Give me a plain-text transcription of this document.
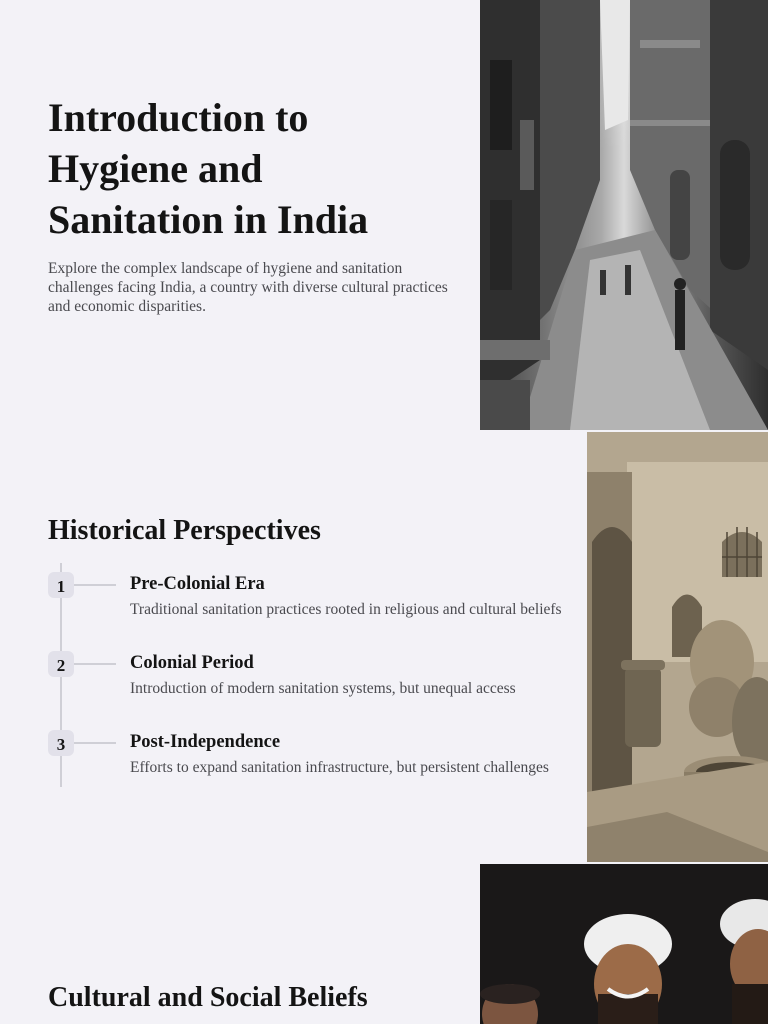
Introduction to Hygiene and Sanitation in India

Explore the complex landscape of hygiene and sanitation challenges facing India, a country with diverse cultural practices and economic disparities.

Historical Perspectives
1	Pre-Colonial Era

Traditional sanitation practices rooted in religious and cultural beliefs

2	Colonial Period

Introduction of modern sanitation systems, but unequal access

3	Post-Independence

Efforts to expand sanitation infrastructure, but persistent challenges

Cultural and Social Beliefs
